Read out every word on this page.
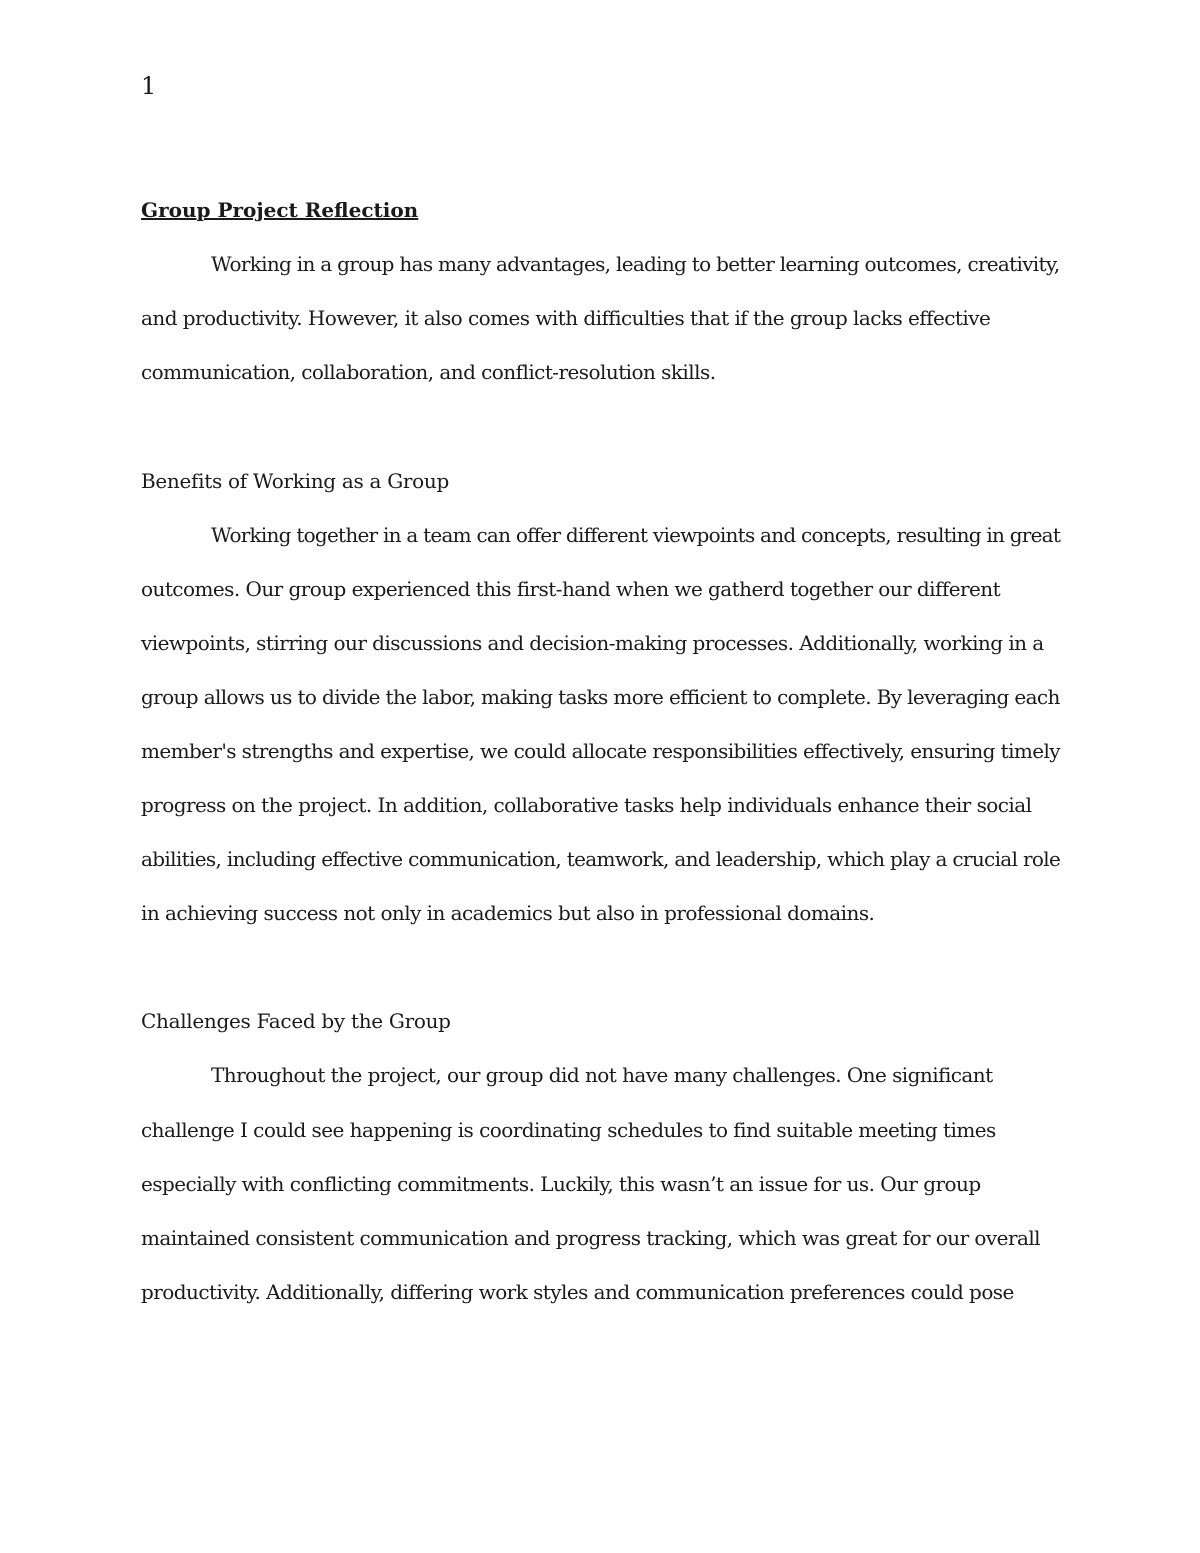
1
Group Project Reflection
Working in a group has many advantages, leading to better learning outcomes, creativity,
and productivity. However, it also comes with difficulties that if the group lacks effective
communication, collaboration, and conflict-resolution skills.
Benefits of Working as a Group
Working together in a team can offer different viewpoints and concepts, resulting in great
outcomes. Our group experienced this first-hand when we gatherd together our different
viewpoints, stirring our discussions and decision-making processes. Additionally, working in a
group allows us to divide the labor, making tasks more efficient to complete. By leveraging each
member's strengths and expertise, we could allocate responsibilities effectively, ensuring timely
progress on the project. In addition, collaborative tasks help individuals enhance their social
abilities, including effective communication, teamwork, and leadership, which play a crucial role
in achieving success not only in academics but also in professional domains.
Challenges Faced by the Group
Throughout the project, our group did not have many challenges. One significant
challenge I could see happening is coordinating schedules to find suitable meeting times
especially with conflicting commitments. Luckily, this wasn’t an issue for us. Our group
maintained consistent communication and progress tracking, which was great for our overall
productivity. Additionally, differing work styles and communication preferences could pose
